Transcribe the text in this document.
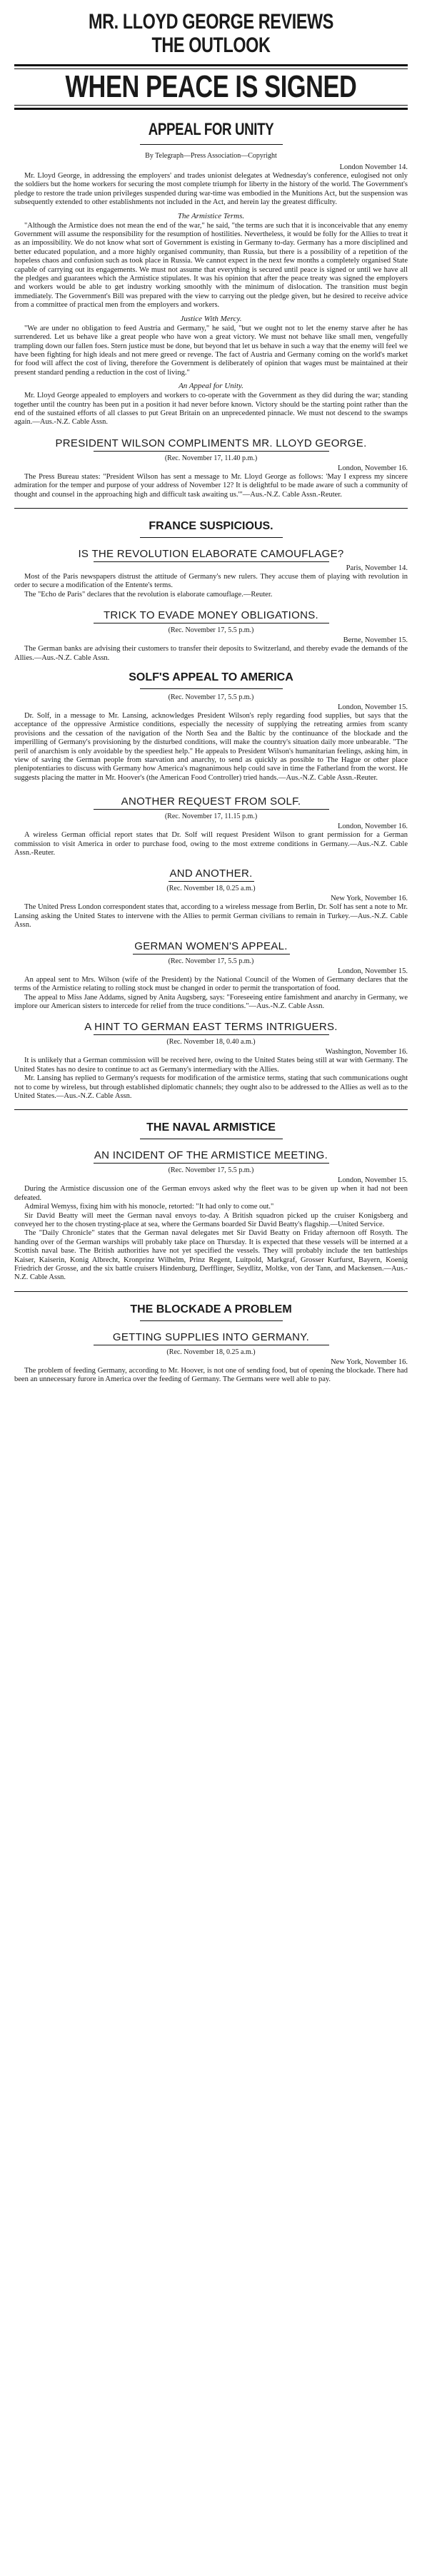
MR. LLOYD GEORGE REVIEWS
THE OUTLOOK
WHEN PEACE IS SIGNED
APPEAL FOR UNITY
By Telegraph—Press Association—Copyright
London November 14.

Mr. Lloyd George, in addressing the employers' and trades unionist delegates at Wednesday's conference, eulogised not only the soldiers but the home workers for securing the most complete triumph for liberty in the history of the world. The Government's pledge to restore the trade union privileges suspended during war-time was embodied in the Munitions Act, but the suspension was subsequently extended to other establishments not included in the Act, and herein lay the greatest difficulty.

The Armistice Terms.

"Although the Armistice does not mean the end of the war," he said, "the terms are such that it is inconceivable that any enemy Government will assume the responsibility for the resumption of hostilities. Nevertheless, it would be folly for the Allies to treat it as an impossibility. We do not know what sort of Government is existing in Germany to-day. Germany has a more disciplined and better educated population, and a more highly organised community, than Russia, but there is a possibility of a repetition of the hopeless chaos and confusion such as took place in Russia. We cannot expect in the next few months a completely organised State capable of carrying out its engagements. We must not assume that everything is secured until peace is signed or until we have all the pledges and guarantees which the Armistice stipulates. It was his opinion that after the peace treaty was signed the employers and workers would be able to get industry working smoothly with the minimum of dislocation. The transition must begin immediately. The Government's Bill was prepared with the view to carrying out the pledge given, but he desired to receive advice from a committee of practical men from the employers and workers.

Justice With Mercy.

"We are under no obligation to feed Austria and Germany," he said, "but we ought not to let the enemy starve after he has surrendered. Let us behave like a great people who have won a great victory. We must not behave like small men, vengefully trampling down our fallen foes. Stern justice must be done, but beyond that let us behave in such a way that the enemy will feel we have been fighting for high ideals and not mere greed or revenge. The fact of Austria and Germany coming on the world's market for food will affect the cost of living, therefore the Government is deliberately of opinion that wages must be maintained at their present standard pending a reduction in the cost of living."

An Appeal for Unity.

Mr. Lloyd George appealed to employers and workers to co-operate with the Government as they did during the war; standing together until the country has been put in a position it had never before known. Victory should be the starting point rather than the end of the sustained efforts of all classes to put Great Britain on an unprecedented pinnacle. We must not descend to the swamps again.—Aus.-N.Z. Cable Assn.

PRESIDENT WILSON COMPLIMENTS MR. LLOYD GEORGE.
(Rec. November 17, 11.40 p.m.)
London, November 16.

The Press Bureau states: "President Wilson has sent a message to Mr. Lloyd George as follows: 'May I express my sincere admiration for the temper and purpose of your address of November 12? It is delightful to be made aware of such a community of thought and counsel in the approaching high and difficult task awaiting us.'"—Aus.-N.Z. Cable Assn.-Reuter.

FRANCE SUSPICIOUS.
IS THE REVOLUTION ELABORATE CAMOUFLAGE?
Paris, November 14.

Most of the Paris newspapers distrust the attitude of Germany's new rulers. They accuse them of playing with revolution in order to secure a modification of the Entente's terms.

The "Echo de Paris" declares that the revolution is elaborate camouflage.—Reuter.

TRICK TO EVADE MONEY OBLIGATIONS.
(Rec. November 17, 5.5 p.m.)
Berne, November 15.

The German banks are advising their customers to transfer their deposits to Switzerland, and thereby evade the demands of the Allies.—Aus.-N.Z. Cable Assn.

SOLF'S APPEAL TO AMERICA
(Rec. November 17, 5.5 p.m.)
London, November 15.

Dr. Solf, in a message to Mr. Lansing, acknowledges President Wilson's reply regarding food supplies, but says that the acceptance of the oppressive Armistice conditions, especially the necessity of supplying the retreating armies from scanty provisions and the cessation of the navigation of the North Sea and the Baltic by the continuance of the blockade and the imperilling of Germany's provisioning by the disturbed conditions, will make the country's situation daily more unbearable. "The peril of anarchism is only avoidable by the speediest help." He appeals to President Wilson's humanitarian feelings, asking him, in view of saving the German people from starvation and anarchy, to send as quickly as possible to The Hague or other place plenipotentiaries to discuss with Germany how America's magnanimous help could save in time the Fatherland from the worst. He suggests placing the matter in Mr. Hoover's (the American Food Controller) tried hands.—Aus.-N.Z. Cable Assn.-Reuter.

ANOTHER REQUEST FROM SOLF.
(Rec. November 17, 11.15 p.m.)
London, November 16.

A wireless German official report states that Dr. Solf will request President Wilson to grant permission for a German commission to visit America in order to purchase food, owing to the most extreme conditions in Germany.—Aus.-N.Z. Cable Assn.-Reuter.

AND ANOTHER.
(Rec. November 18, 0.25 a.m.)
New York, November 16.

The United Press London correspondent states that, according to a wireless message from Berlin, Dr. Solf has sent a note to Mr. Lansing asking the United States to intervene with the Allies to permit German civilians to remain in Turkey.—Aus.-N.Z. Cable Assn.

GERMAN WOMEN'S APPEAL.
(Rec. November 17, 5.5 p.m.)
London, November 15.

An appeal sent to Mrs. Wilson (wife of the President) by the National Council of the Women of Germany declares that the terms of the Armistice relating to rolling stock must be changed in order to permit the transportation of food.

The appeal to Miss Jane Addams, signed by Anita Augsberg, says: "Foreseeing entire famishment and anarchy in Germany, we implore our American sisters to intercede for relief from the truce conditions."—Aus.-N.Z. Cable Assn.

A HINT TO GERMAN EAST TERMS INTRIGUERS.
(Rec. November 18, 0.40 a.m.)
Washington, November 16.

It is unlikely that a German commission will be received here, owing to the United States being still at war with Germany. The United States has no desire to continue to act as Germany's intermediary with the Allies.

Mr. Lansing has replied to Germany's requests for modification of the armistice terms, stating that such communications ought not to come by wireless, but through established diplomatic channels; they ought also to be addressed to the Allies as well as to the United States.—Aus.-N.Z. Cable Assn.

THE NAVAL ARMISTICE
AN INCIDENT OF THE ARMISTICE MEETING.
(Rec. November 17, 5.5 p.m.)
London, November 15.

During the Armistice discussion one of the German envoys asked why the fleet was to be given up when it had not been defeated.

Admiral Wemyss, fixing him with his monocle, retorted: "It had only to come out."

Sir David Beatty will meet the German naval envoys to-day. A British squadron picked up the cruiser Konigsberg and conveyed her to the chosen trysting-place at sea, where the Germans boarded Sir David Beatty's flagship.—United Service.

The "Daily Chronicle" states that the German naval delegates met Sir David Beatty on Friday afternoon off Rosyth. The handing over of the German warships will probably take place on Thursday. It is expected that these vessels will be interned at a Scottish naval base. The British authorities have not yet specified the vessels. They will probably include the ten battleships Kaiser, Kaiserin, Konig Albrecht, Kronprinz Wilhelm, Prinz Regent, Luitpold, Markgraf, Grosser Kurfurst, Bayern, Koenig Friedrich der Grosse, and the six battle cruisers Hindenburg, Derfflinger, Seydlitz, Moltke, von der Tann, and Mackensen.—Aus.-N.Z. Cable Assn.

THE BLOCKADE A PROBLEM
GETTING SUPPLIES INTO GERMANY.
(Rec. November 18, 0.25 a.m.)
New York, November 16.

The problem of feeding Germany, according to Mr. Hoover, is not one of sending food, but of opening the blockade. There had been an unnecessary furore in America over the feeding of Germany. The Germans were well able to pay.
